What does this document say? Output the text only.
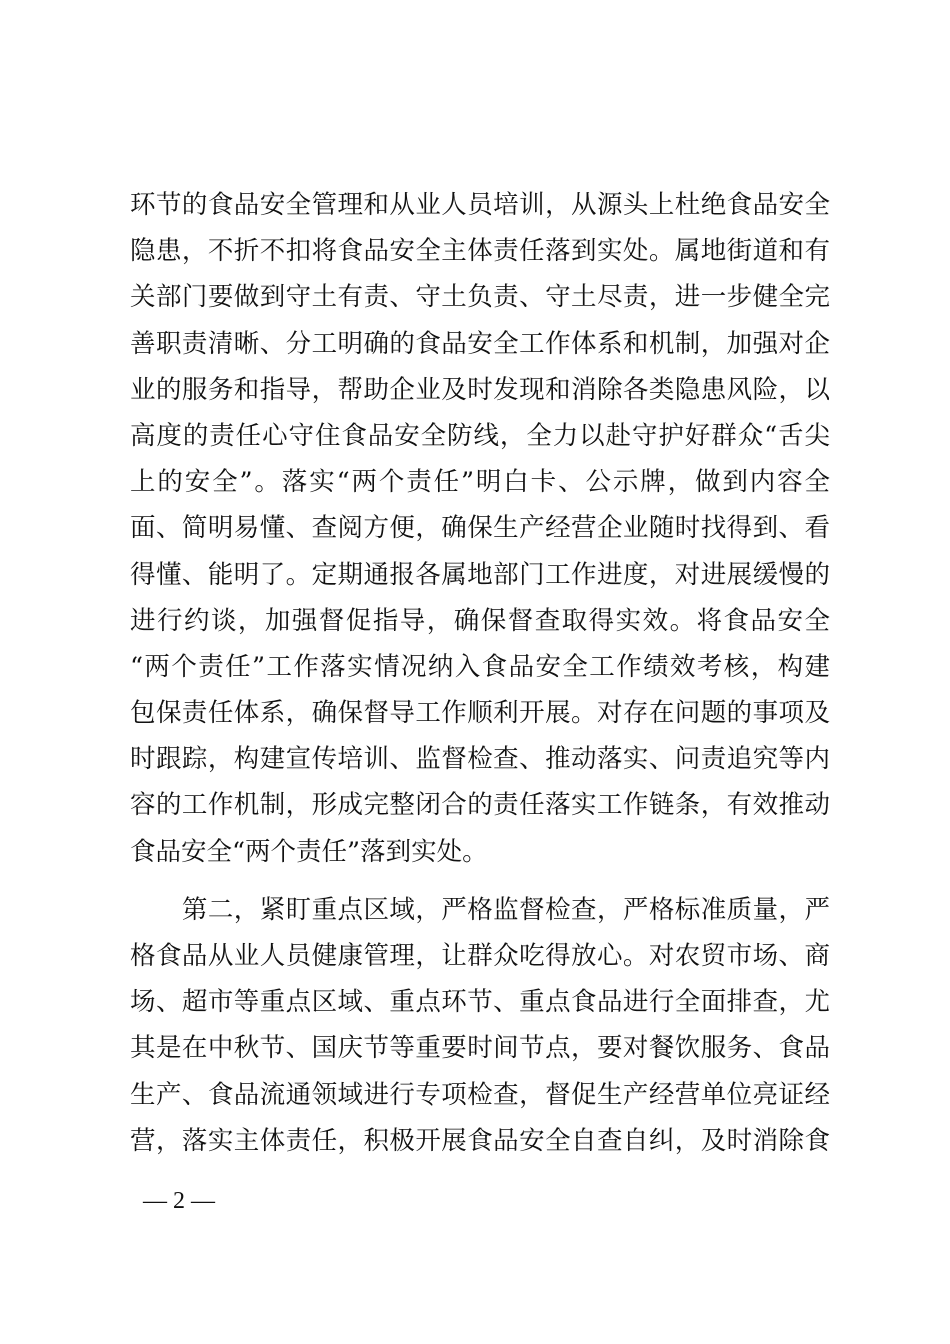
环节的食品安全管理和从业人员培训，从源头上杜绝食品安全
隐患，不折不扣将食品安全主体责任落到实处。属地街道和有
关部门要做到守土有责、守土负责、守土尽责，进一步健全完
善职责清晰、分工明确的食品安全工作体系和机制，加强对企
业的服务和指导，帮助企业及时发现和消除各类隐患风险，以
高度的责任心守住食品安全防线，全力以赴守护好群众“舌尖
上的安全”。落实“两个责任”明白卡、公示牌，做到内容全
面、简明易懂、查阅方便，确保生产经营企业随时找得到、看
得懂、能明了。定期通报各属地部门工作进度，对进展缓慢的
进行约谈，加强督促指导，确保督查取得实效。将食品安全
“两个责任”工作落实情况纳入食品安全工作绩效考核，构建
包保责任体系，确保督导工作顺利开展。对存在问题的事项及
时跟踪，构建宣传培训、监督检查、推动落实、问责追究等内
容的工作机制，形成完整闭合的责任落实工作链条，有效推动
食品安全“两个责任”落到实处。
　　第二，紧盯重点区域，严格监督检查，严格标准质量，严
格食品从业人员健康管理，让群众吃得放心。对农贸市场、商
场、超市等重点区域、重点环节、重点食品进行全面排查，尤
其是在中秋节、国庆节等重要时间节点，要对餐饮服务、食品
生产、食品流通领域进行专项检查，督促生产经营单位亮证经
营，落实主体责任，积极开展食品安全自查自纠，及时消除食
— 2 —
